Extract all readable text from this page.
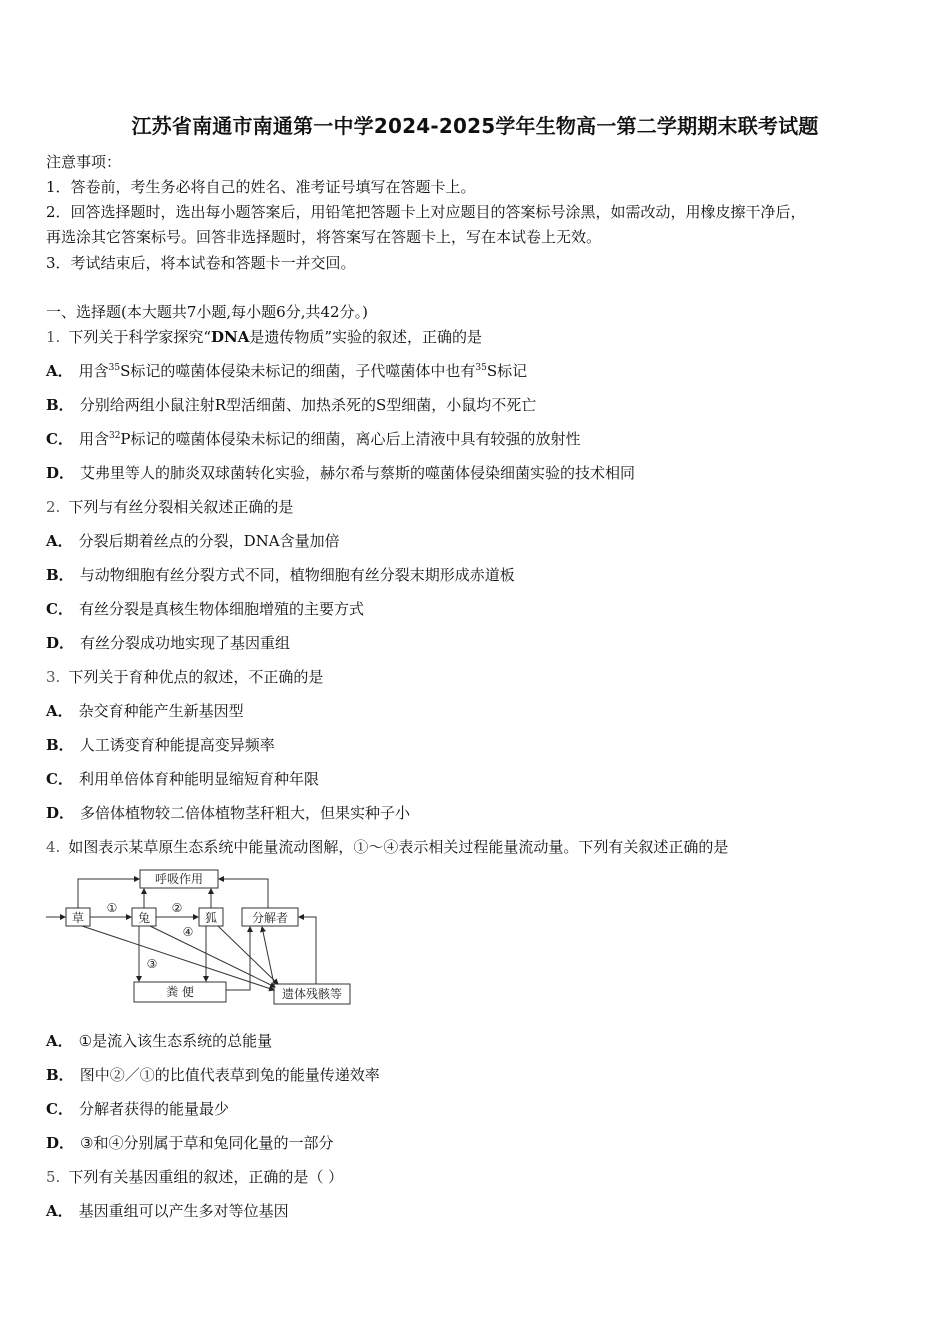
江苏省南通市南通第一中学2024-2025学年生物高一第二学期期末联考试题
注意事项：
1．答卷前，考生务必将自己的姓名、准考证号填写在答题卡上。
2．回答选择题时，选出每小题答案后，用铅笔把答题卡上对应题目的答案标号涂黑，如需改动，用橡皮擦干净后，
再选涂其它答案标号。回答非选择题时，将答案写在答题卡上，写在本试卷上无效。
3．考试结束后，将本试卷和答题卡一并交回。
一、选择题(本大题共7小题,每小题6分,共42分。)
1. 下列关于科学家探究“DNA是遗传物质”实验的叙述，正确的是
A． 用含$^{35}$S标记的噬菌体侵染未标记的细菌，子代噬菌体中也有$^{35}$S标记
B． 分别给两组小鼠注射R型活细菌、加热杀死的S型细菌，小鼠均不死亡
C． 用含$^{32}$P标记的噬菌体侵染未标记的细菌，离心后上清液中具有较强的放射性
D． 艾弗里等人的肺炎双球菌转化实验，赫尔希与蔡斯的噬菌体侵染细菌实验的技术相同
2. 下列与有丝分裂相关叙述正确的是
A． 分裂后期着丝点的分裂，DNA含量加倍
B． 与动物细胞有丝分裂方式不同，植物细胞有丝分裂末期形成赤道板
C． 有丝分裂是真核生物体细胞增殖的主要方式
D． 有丝分裂成功地实现了基因重组
3. 下列关于育种优点的叙述，不正确的是
A． 杂交育种能产生新基因型
B． 人工诱变育种能提高变异频率
C． 利用单倍体育种能明显缩短育种年限
D． 多倍体植物较二倍体植物茎秆粗大，但果实种子小
4. 如图表示某草原生态系统中能量流动图解，①～④表示相关过程能量流动量。下列有关叙述正确的是
呼吸作用
草	兔	狐	分解者
粪 便	遗体残骸等
①	②
③
④
A． ①是流入该生态系统的总能量
B． 图中②／①的比值代表草到兔的能量传递效率
C． 分解者获得的能量最少
D． ③和④分别属于草和兔同化量的一部分
5. 下列有关基因重组的叙述，正确的是（ ）
A． 基因重组可以产生多对等位基因
